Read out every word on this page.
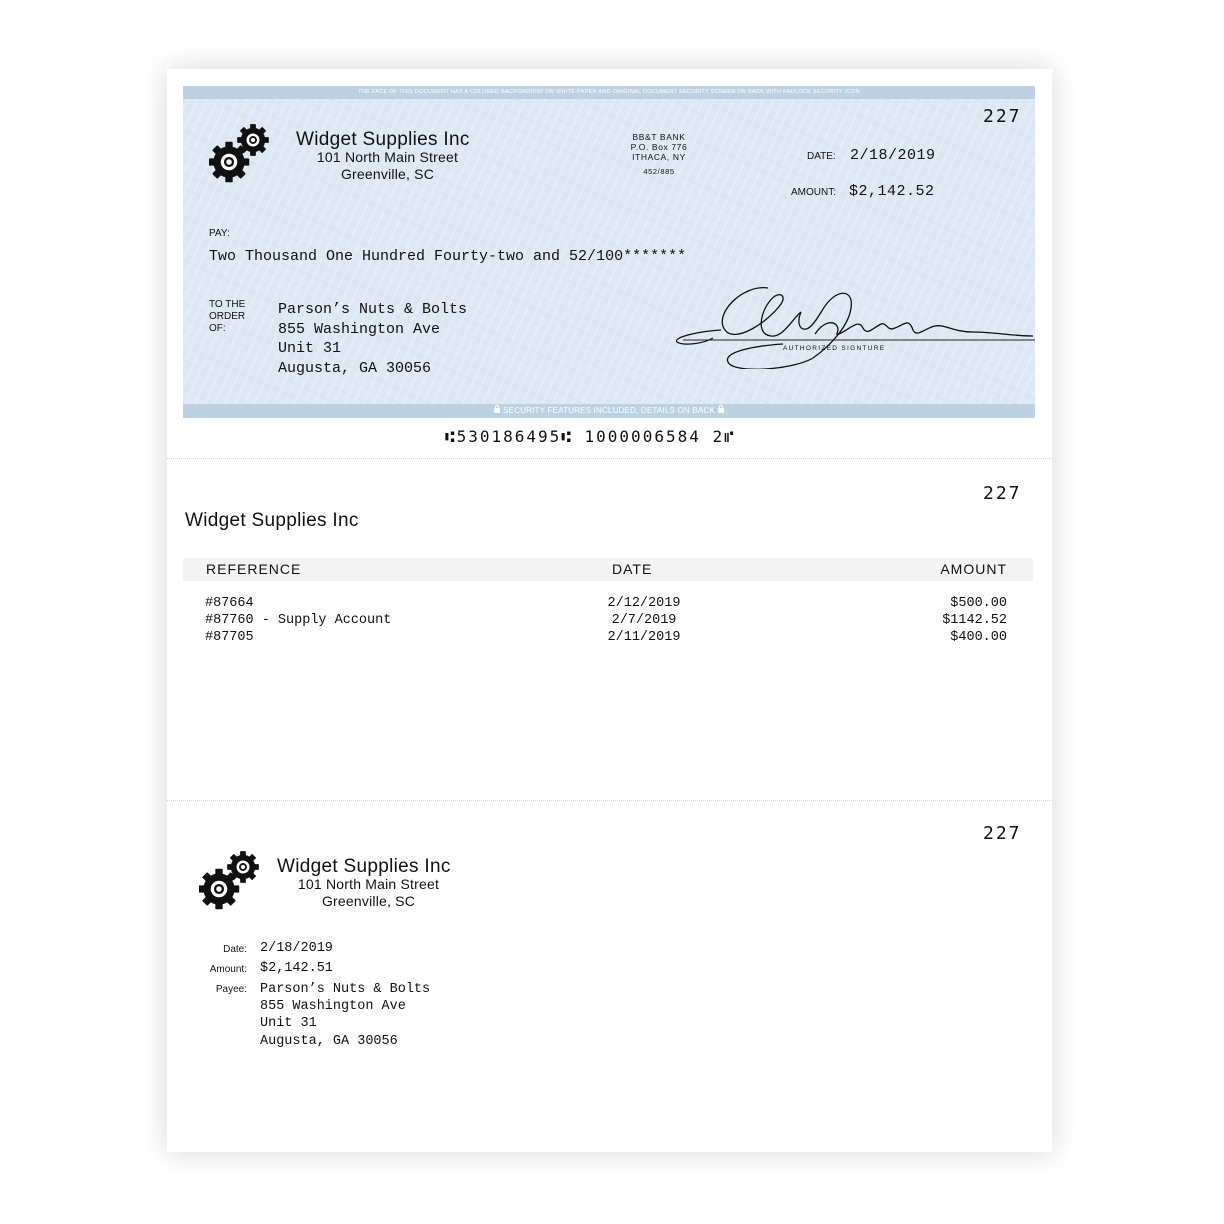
THE FACE OF THIS DOCUMENT HAS A COLORED BACKGROUND ON WHITE PAPER AND ORIGINAL DOCUMENT SECURITY SCREEN ON BACK WITH PADLOCK SECURITY ICON
Widget Supplies Inc
101 North Main Street
Greenville, SC
BB&T BANK
P.O. Box 776
ITHACA, NY
452/885
227
DATE: 2/18/2019
AMOUNT: $2,142.52
PAY:
Two Thousand One Hundred Fourty-two and 52/100*******
TO THE
ORDER
OF:
Parson’s Nuts & Bolts
855 Washington Ave
Unit 31
Augusta, GA 30056
AUTHORIZED SIGNTURE
SECURITY FEATURES INCLUDED, DETAILS ON BACK
⑆530186495⑆ 1000006584 2⑈
227
Widget Supplies Inc
REFERENCE	DATE	AMOUNT
#87664	2/12/2019	$500.00
#87760 - Supply Account	2/7/2019	$1142.52
#87705	2/11/2019	$400.00
227
Widget Supplies Inc
101 North Main Street
Greenville, SC
Date: 2/18/2019
Amount: $2,142.51
Payee: Parson’s Nuts & Bolts
855 Washington Ave
Unit 31
Augusta, GA 30056
